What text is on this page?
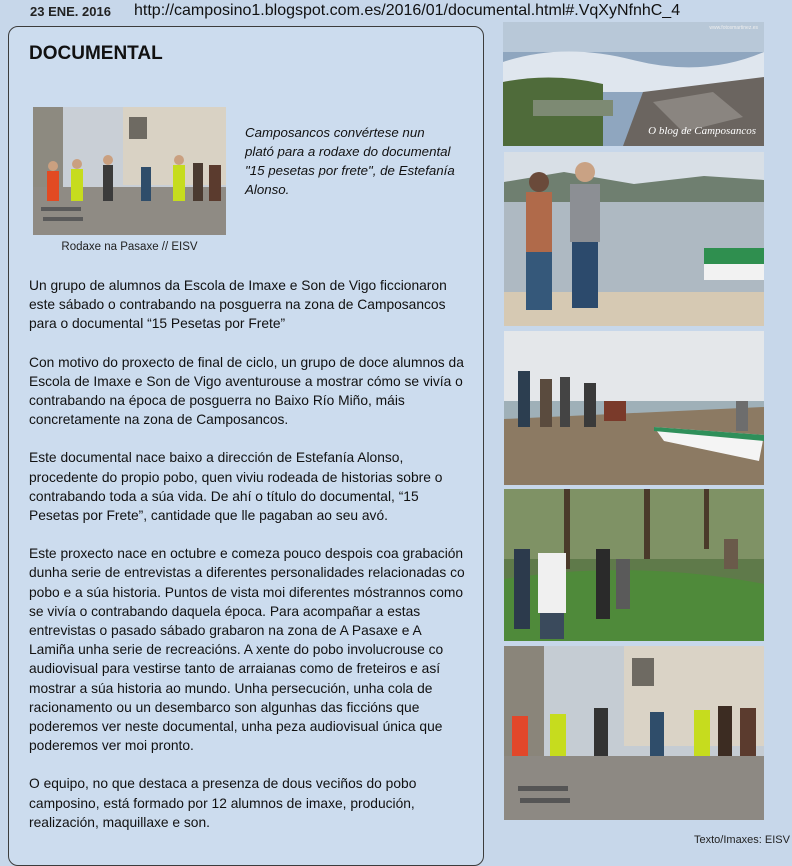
23 ENE. 2016 http://camposino1.blogspot.com.es/2016/01/documental.html#.VqXyNfnhC_4
DOCUMENTAL
Rodaxe na Pasaxe // EISV
Camposancos convértese nun plató para a rodaxe do documental "15 pesetas por frete", de Estefanía Alonso.

Un grupo de alumnos da Escola de Imaxe e Son de Vigo ficcionaron este sábado o contrabando na posguerra na zona de Camposancos para o documental “15 Pesetas por Frete”

Con motivo do proxecto de final de ciclo, un grupo de doce alumnos da Escola de Imaxe e Son de Vigo aventurouse a mostrar cómo se vivía o contrabando na época de posguerra no Baixo Río Miño, máis concretamente na zona de Camposancos.

Este documental nace baixo a dirección de Estefanía Alonso, procedente do propio pobo, quen viviu rodeada de historias sobre o contrabando toda a súa vida. De ahí o título do documental, “15 Pesetas por Frete”, cantidade que lle pagaban ao seu avó.

Este proxecto nace en octubre e comeza pouco despois coa grabación dunha serie de entrevistas a diferentes personalidades relacionadas co pobo e a súa historia. Puntos de vista moi diferentes móstrannos como se vivía o contrabando daquela época. Para acompañar a estas entrevistas o pasado sábado grabaron na zona de A Pasaxe e A Lamiña unha serie de recreacións. A xente do pobo involucrouse co audiovisual para vestirse tanto de arraianas como de freteiros e así mostrar a súa historia ao mundo. Unha persecución, unha cola de racionamento ou un desembarco son algunhas das ficcións que poderemos ver neste documental, unha peza audiovisual única que poderemos ver moi pronto.

O equipo, no que destaca a presenza de dous veciños do pobo camposino, está formado por 12 alumnos de imaxe, produción, realización, maquillaxe e son.

www.fotosmartinez.es
O blog de Camposancos
Texto/Imaxes: EISV
